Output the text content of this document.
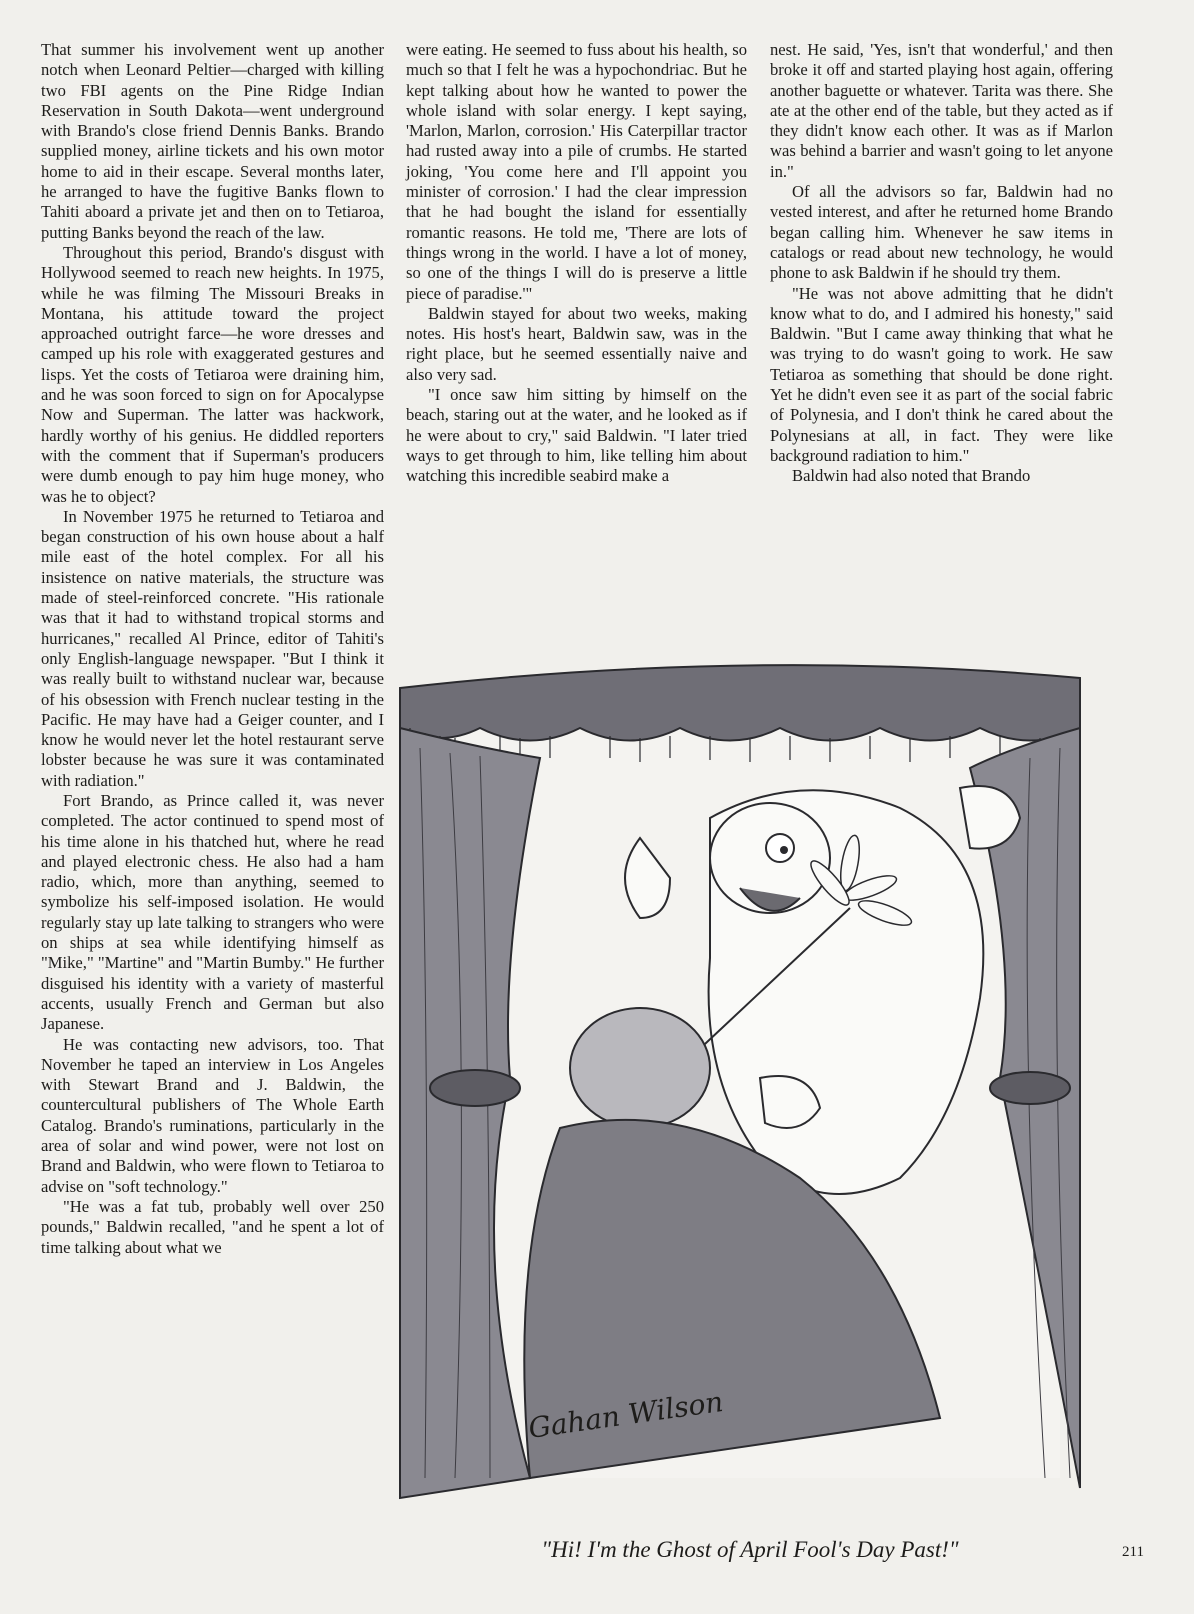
That summer his involvement went up another notch when Leonard Peltier—charged with killing two FBI agents on the Pine Ridge Indian Reservation in South Dakota—went underground with Brando's close friend Dennis Banks. Brando supplied money, airline tickets and his own motor home to aid in their escape. Several months later, he arranged to have the fugitive Banks flown to Tahiti aboard a private jet and then on to Tetiaroa, putting Banks beyond the reach of the law.

Throughout this period, Brando's disgust with Hollywood seemed to reach new heights. In 1975, while he was filming The Missouri Breaks in Montana, his attitude toward the project approached outright farce—he wore dresses and camped up his role with exaggerated gestures and lisps. Yet the costs of Tetiaroa were draining him, and he was soon forced to sign on for Apocalypse Now and Superman. The latter was hackwork, hardly worthy of his genius. He diddled reporters with the comment that if Superman's producers were dumb enough to pay him huge money, who was he to object?

In November 1975 he returned to Tetiaroa and began construction of his own house about a half mile east of the hotel complex. For all his insistence on native materials, the structure was made of steel-reinforced concrete. "His rationale was that it had to withstand tropical storms and hurricanes," recalled Al Prince, editor of Tahiti's only English-language newspaper. "But I think it was really built to withstand nuclear war, because of his obsession with French nuclear testing in the Pacific. He may have had a Geiger counter, and I know he would never let the hotel restaurant serve lobster because he was sure it was contaminated with radiation."

Fort Brando, as Prince called it, was never completed. The actor continued to spend most of his time alone in his thatched hut, where he read and played electronic chess. He also had a ham radio, which, more than anything, seemed to symbolize his self-imposed isolation. He would regularly stay up late talking to strangers who were on ships at sea while identifying himself as "Mike," "Martine" and "Martin Bumby." He further disguised his identity with a variety of masterful accents, usually French and German but also Japanese.

He was contacting new advisors, too. That November he taped an interview in Los Angeles with Stewart Brand and J. Baldwin, the countercultural publishers of The Whole Earth Catalog. Brando's ruminations, particularly in the area of solar and wind power, were not lost on Brand and Baldwin, who were flown to Tetiaroa to advise on "soft technology."

"He was a fat tub, probably well over 250 pounds," Baldwin recalled, "and he spent a lot of time talking about what we

were eating. He seemed to fuss about his health, so much so that I felt he was a hypochondriac. But he kept talking about how he wanted to power the whole island with solar energy. I kept saying, 'Marlon, Marlon, corrosion.' His Caterpillar tractor had rusted away into a pile of crumbs. He started joking, 'You come here and I'll appoint you minister of corrosion.' I had the clear impression that he had bought the island for essentially romantic reasons. He told me, 'There are lots of things wrong in the world. I have a lot of money, so one of the things I will do is preserve a little piece of paradise.'"

Baldwin stayed for about two weeks, making notes. His host's heart, Baldwin saw, was in the right place, but he seemed essentially naive and also very sad.

"I once saw him sitting by himself on the beach, staring out at the water, and he looked as if he were about to cry," said Baldwin. "I later tried ways to get through to him, like telling him about watching this incredible seabird make a

nest. He said, 'Yes, isn't that wonderful,' and then broke it off and started playing host again, offering another baguette or whatever. Tarita was there. She ate at the other end of the table, but they acted as if they didn't know each other. It was as if Marlon was behind a barrier and wasn't going to let anyone in."

Of all the advisors so far, Baldwin had no vested interest, and after he returned home Brando began calling him. Whenever he saw items in catalogs or read about new technology, he would phone to ask Baldwin if he should try them.

"He was not above admitting that he didn't know what to do, and I admired his honesty," said Baldwin. "But I came away thinking that what he was trying to do wasn't going to work. He saw Tetiaroa as something that should be done right. Yet he didn't even see it as part of the social fabric of Polynesia, and I don't think he cared about the Polynesians at all, in fact. They were like background radiation to him."

Baldwin had also noted that Brando

Gahan Wilson
"Hi! I'm the Ghost of April Fool's Day Past!"	211
